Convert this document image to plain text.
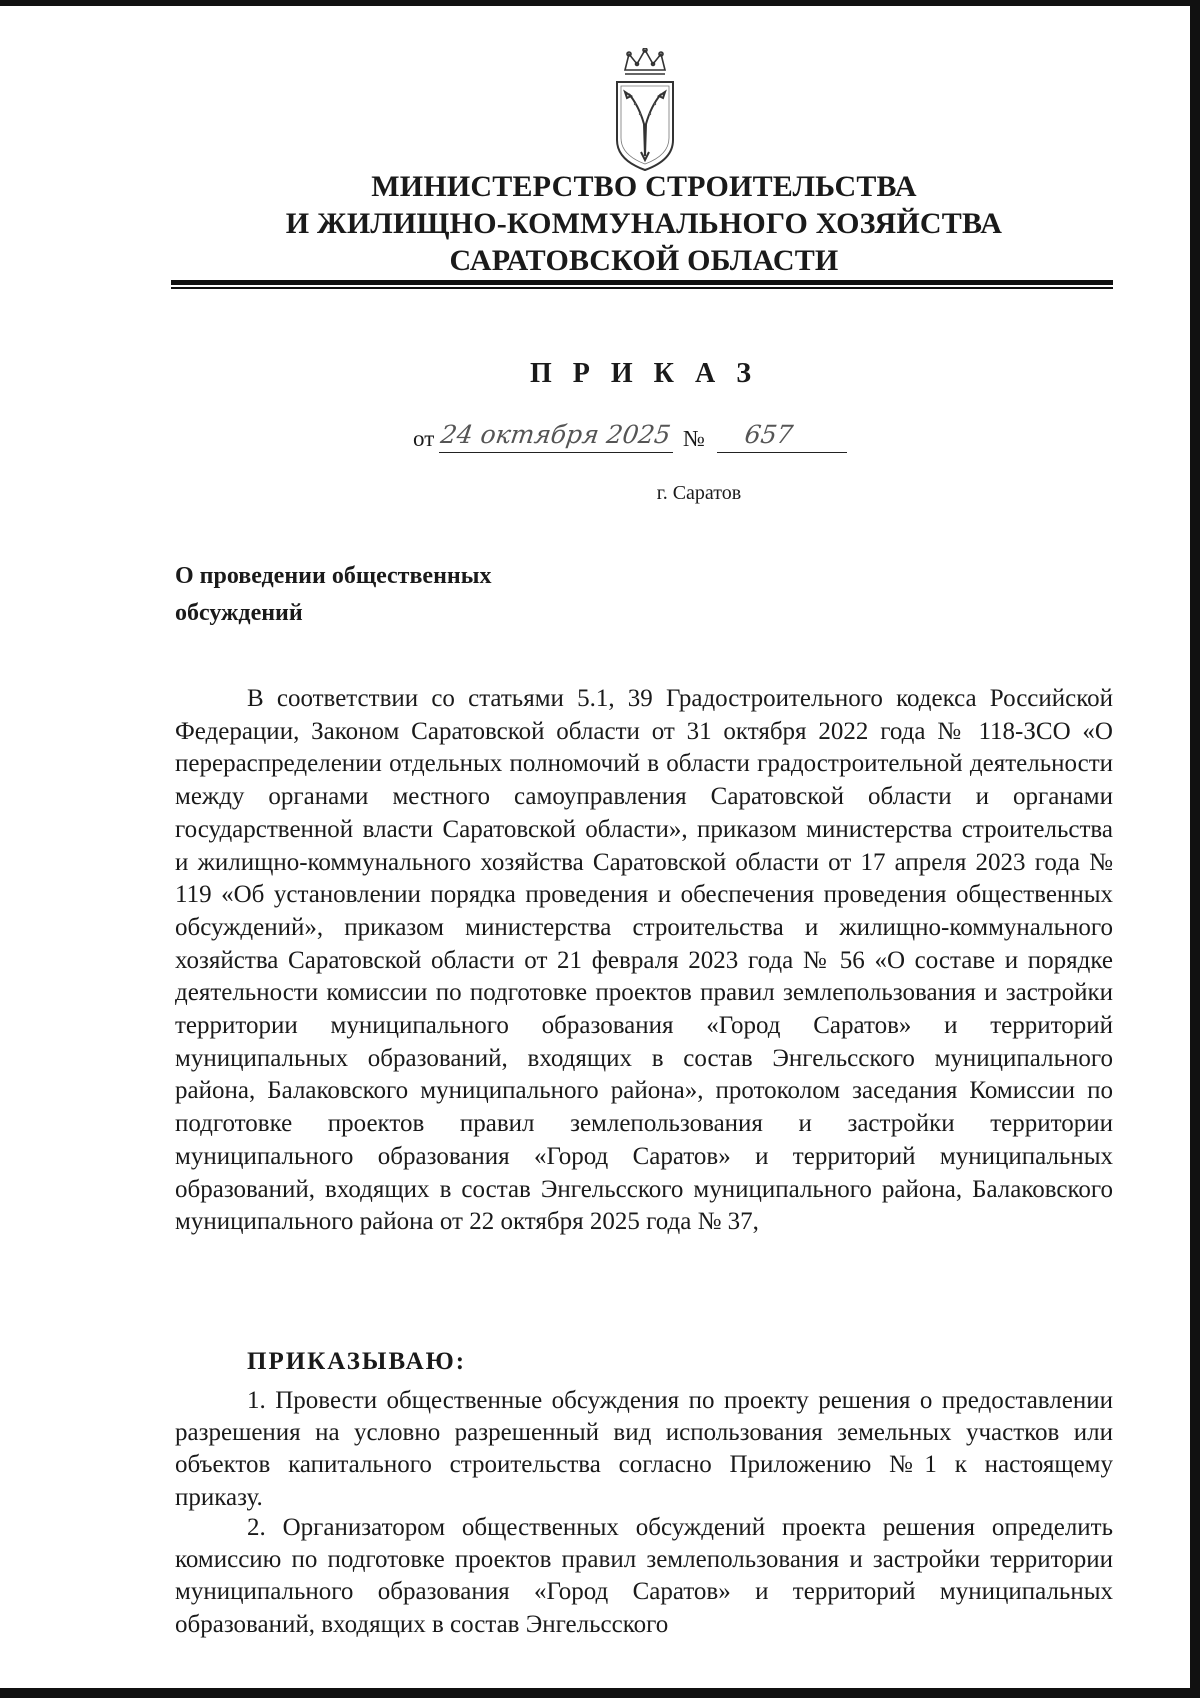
МИНИСТЕРСТВО СТРОИТЕЛЬСТВА
И ЖИЛИЩНО-КОММУНАЛЬНОГО ХОЗЯЙСТВА
САРАТОВСКОЙ ОБЛАСТИ
П Р И К А З
от 24 октября 2025 № 657
г. Саратов
О проведении общественных
обсуждений

В соответствии со статьями 5.1, 39 Градостроительного кодекса Российской Федерации, Законом Саратовской области от 31 октября 2022 года № 118-ЗСО «О перераспределении отдельных полномочий в области градостроительной деятельности между органами местного самоуправления Саратовской области и органами государственной власти Саратовской области», приказом министерства строительства и жилищно-коммунального хозяйства Саратовской области от 17 апреля 2023 года № 119 «Об установлении порядка проведения и обеспечения проведения общественных обсуждений», приказом министерства строительства и жилищно-коммунального хозяйства Саратовской области от 21 февраля 2023 года № 56 «О составе и порядке деятельности комиссии по подготовке проектов правил землепользования и застройки территории муниципального образования «Город Саратов» и территорий муниципальных образований, входящих в состав Энгельсского муниципального района, Балаковского муниципального района», протоколом заседания Комиссии по подготовке проектов правил землепользования и застройки территории муниципального образования «Город Саратов» и территорий муниципальных образований, входящих в состав Энгельсского муниципального района, Балаковского муниципального района от 22 октября 2025 года № 37,

ПРИКАЗЫВАЮ:

1. Провести общественные обсуждения по проекту решения о предоставлении разрешения на условно разрешенный вид использования земельных участков или объектов капитального строительства согласно Приложению №1 к настоящему приказу.

2. Организатором общественных обсуждений проекта решения определить комиссию по подготовке проектов правил землепользования и застройки территории муниципального образования «Город Саратов» и территорий муниципальных образований, входящих в состав Энгельсского
